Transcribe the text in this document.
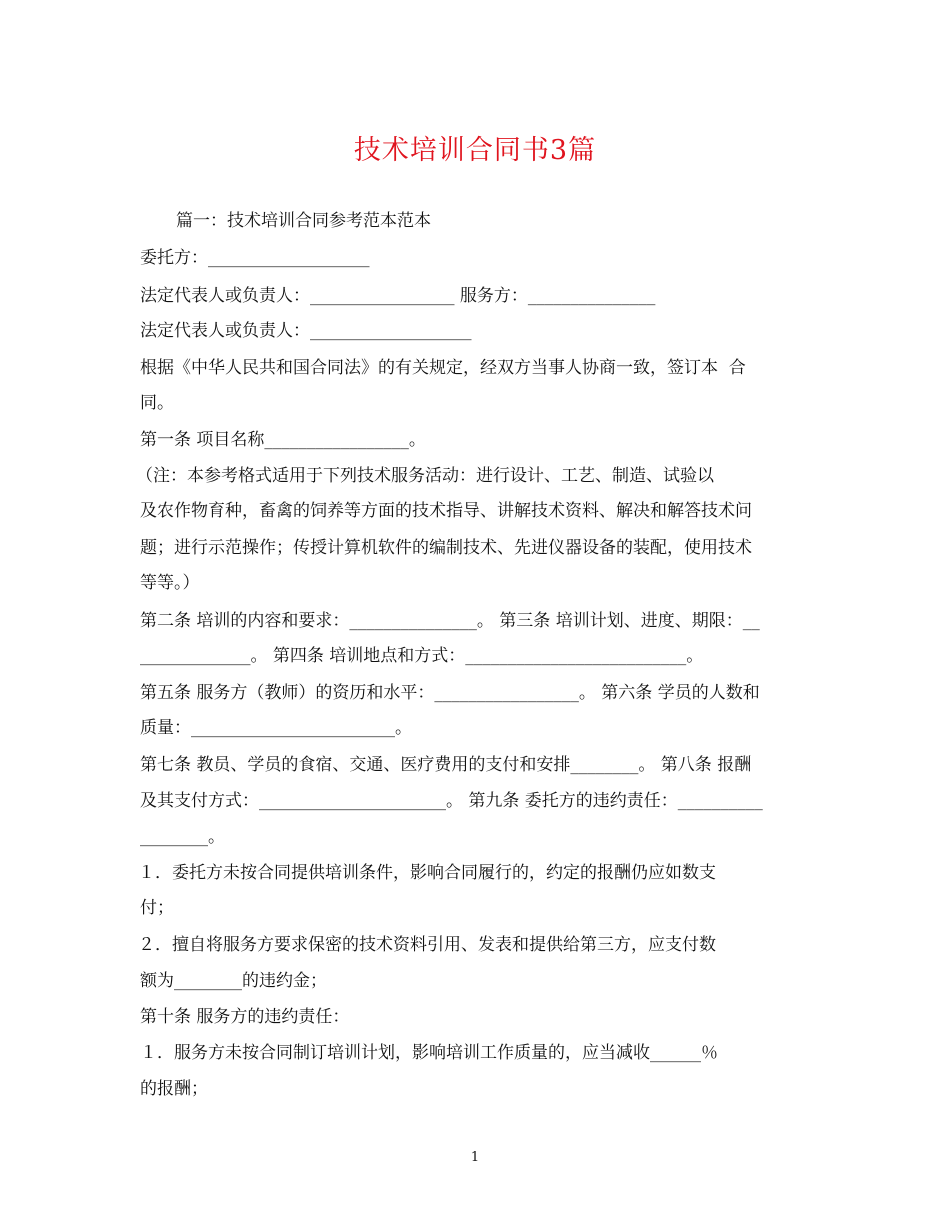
技术培训合同书3篇
篇一：技术培训合同参考范本范本
委托方：___________________
法定代表人或负责人：_________________ 服务方：_______________
法定代表人或负责人：___________________
根据《中华人民共和国合同法》的有关规定，经双方当事人协商一致，签订本  合
同。
第一条 项目名称_________________。
（注：本参考格式适用于下列技术服务活动：进行设计、工艺、制造、试验以
及农作物育种，畜禽的饲养等方面的技术指导、讲解技术资料、解决和解答技术问
题；进行示范操作；传授计算机软件的编制技术、先进仪器设备的装配，使用技术
等等。）
第二条 培训的内容和要求：_______________。 第三条 培训计划、进度、期限：__
_____________。 第四条 培训地点和方式：__________________________。
第五条 服务方（教师）的资历和水平：_________________。 第六条 学员的人数和
质量：________________________。
第七条 教员、学员的食宿、交通、医疗费用的支付和安排________。 第八条 报酬
及其支付方式：______________________。 第九条 委托方的违约责任：__________
________。
１．委托方未按合同提供培训条件，影响合同履行的，约定的报酬仍应如数支
付；
２．擅自将服务方要求保密的技术资料引用、发表和提供给第三方，应支付数
额为________的违约金；
第十条 服务方的违约责任：
１．服务方未按合同制订培训计划，影响培训工作质量的，应当减收______％
的报酬；
1
